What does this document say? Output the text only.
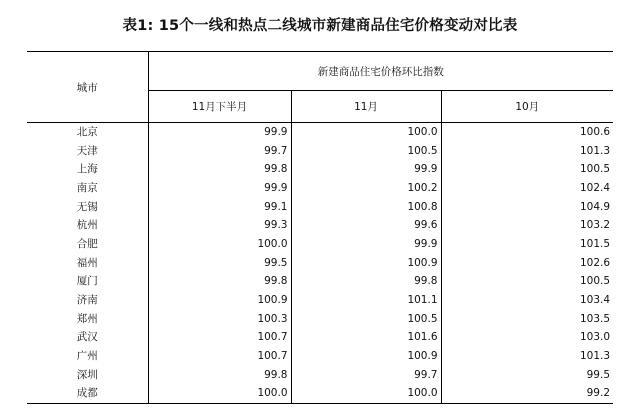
表1: 15个一线和热点二线城市新建商品住宅价格变动对比表
城市	新建商品住宅价格环比指数		
	11月下半月	11月	10月
北京	99.9	100.0	100.6
天津	99.7	100.5	101.3
上海	99.8	99.9	100.5
南京	99.9	100.2	102.4
无锡	99.1	100.8	104.9
杭州	99.3	99.6	103.2
合肥	100.0	99.9	101.5
福州	99.5	100.9	102.6
厦门	99.8	99.8	100.5
济南	100.9	101.1	103.4
郑州	100.3	100.5	103.5
武汉	100.7	101.6	103.0
广州	100.7	100.9	101.3
深圳	99.8	99.7	99.5
成都	100.0	100.0	99.2
